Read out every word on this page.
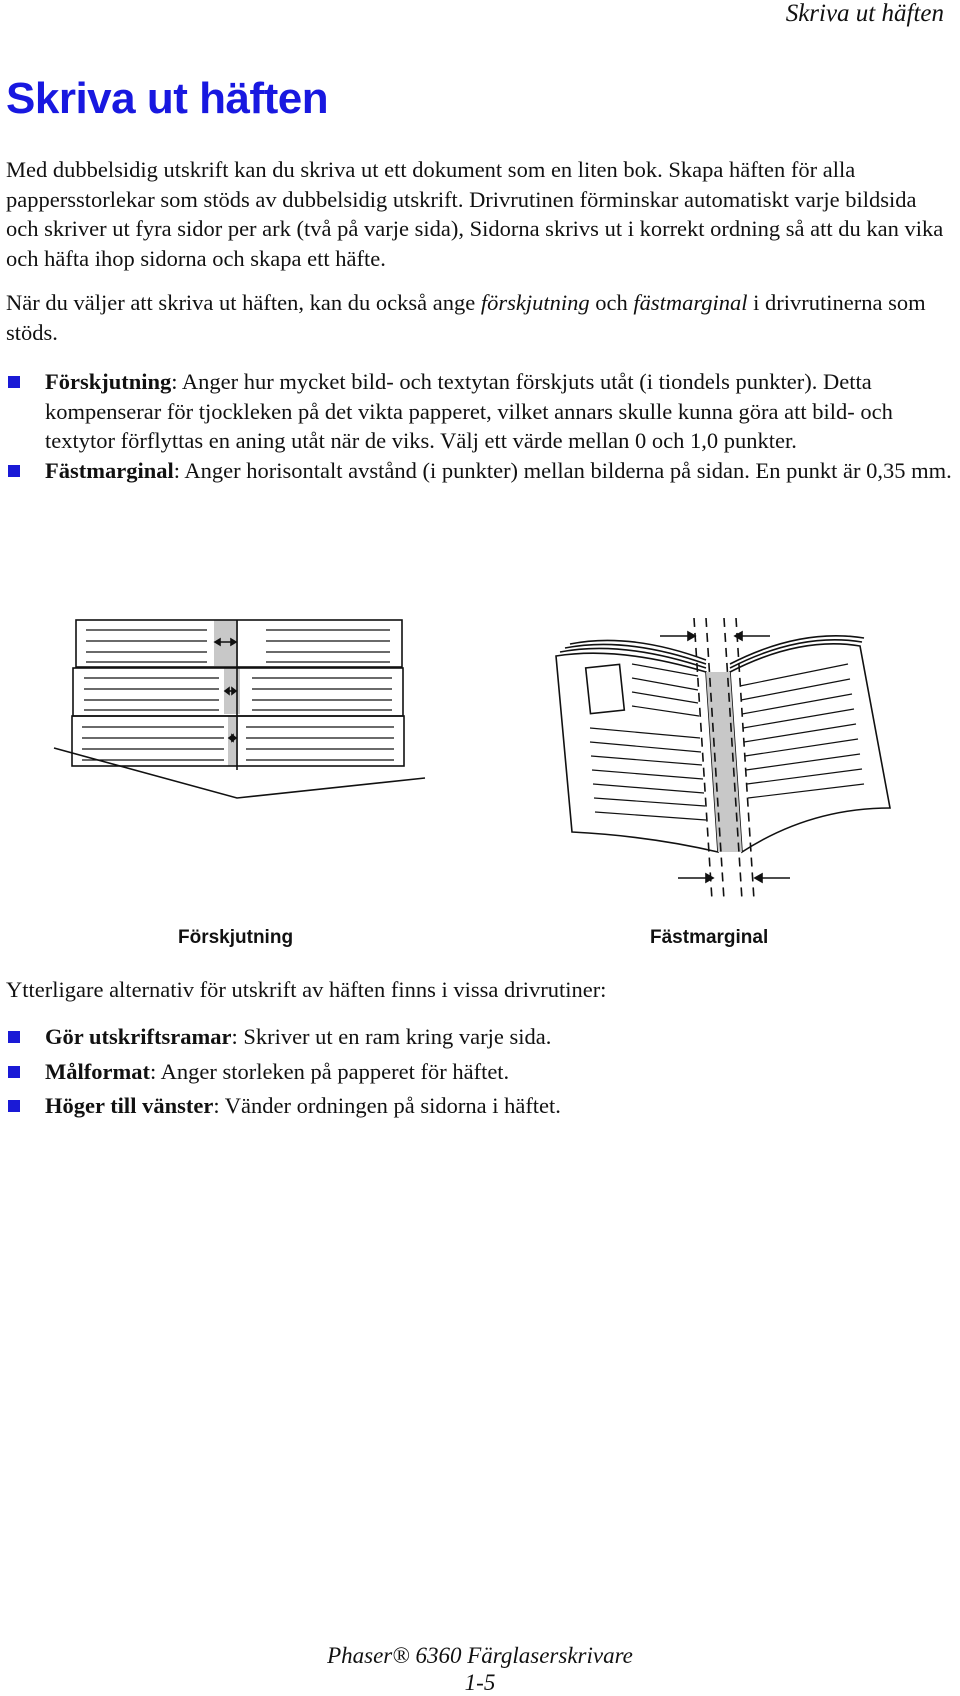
Skriva ut häften
Skriva ut häften

Med dubbelsidig utskrift kan du skriva ut ett dokument som en liten bok. Skapa häften för alla pappersstorlekar som stöds av dubbelsidig utskrift. Drivrutinen förminskar automatiskt varje bildsida och skriver ut fyra sidor per ark (två på varje sida), Sidorna skrivs ut i korrekt ordning så att du kan vika och häfta ihop sidorna och skapa ett häfte.

När du väljer att skriva ut häften, kan du också ange förskjutning och fästmarginal i drivrutinerna som stöds.

Förskjutning: Anger hur mycket bild- och textytan förskjuts utåt (i tiondels punkter). Detta kompenserar för tjockleken på det vikta papperet, vilket annars skulle kunna göra att bild- och textytor förflyttas en aning utåt när de viks. Välj ett värde mellan 0 och 1,0 punkter.
Fästmarginal: Anger horisontalt avstånd (i punkter) mellan bilderna på sidan. En punkt är 0,35 mm.
Förskjutning	Fästmarginal

Ytterligare alternativ för utskrift av häften finns i vissa drivrutiner:

Gör utskriftsramar: Skriver ut en ram kring varje sida.
Målformat: Anger storleken på papperet för häftet.
Höger till vänster: Vänder ordningen på sidorna i häftet.
Phaser® 6360 Färglaserskrivare
1-5
